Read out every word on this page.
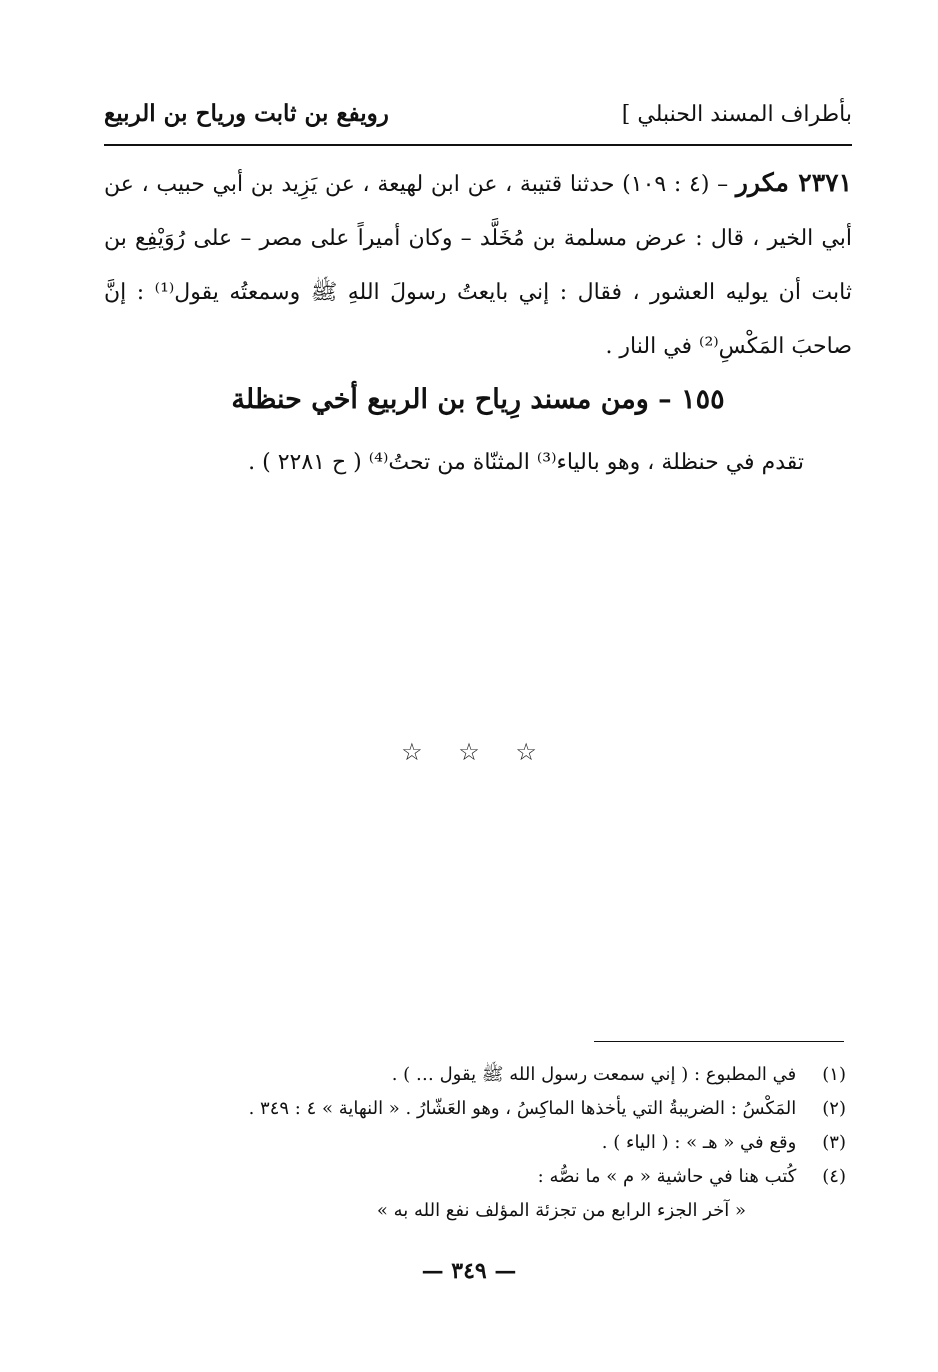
بأطراف المسند الحنبلي ]
رويفع بن ثابت ورياح بن الربيع
٢٣٧١ مكرر – (٤ : ١٠٩) حدثنا قتيبة ، عن ابن لهيعة ، عن يَزِيد بن أبي حبيب ، عن أبي الخير ، قال : عرض مسلمة بن مُخَلَّد – وكان أميراً على مصر – على رُوَيْفِع بن ثابت أن يوليه العشور ، فقال : إني بايعتُ رسولَ اللهِ ﷺ وسمعتُه يقول⁽¹⁾ : إنَّ صاحبَ المَكْسِ⁽²⁾ في النار .
١٥٥ – ومن مسند رِياح بن الربيع أخي حنظلة
تقدم في حنظلة ، وهو بالياء⁽³⁾ المثنّاة من تحتُ⁽⁴⁾ ( ح ٢٢٨١ ) .
☆ ☆ ☆
(١) في المطبوع : ( إني سمعت رسول الله ﷺ يقول … ) .
(٢) المَكْسُ : الضريبةُ التي يأخذها الماكِسُ ، وهو العَشّارُ . « النهاية » ٤ : ٣٤٩ .
(٣) وقع في « هـ » : ( الياء ) .
(٤) كُتب هنا في حاشية « م » ما نصُّه :
« آخر الجزء الرابع من تجزئة المؤلف نفع الله به »
— ٣٤٩ —
